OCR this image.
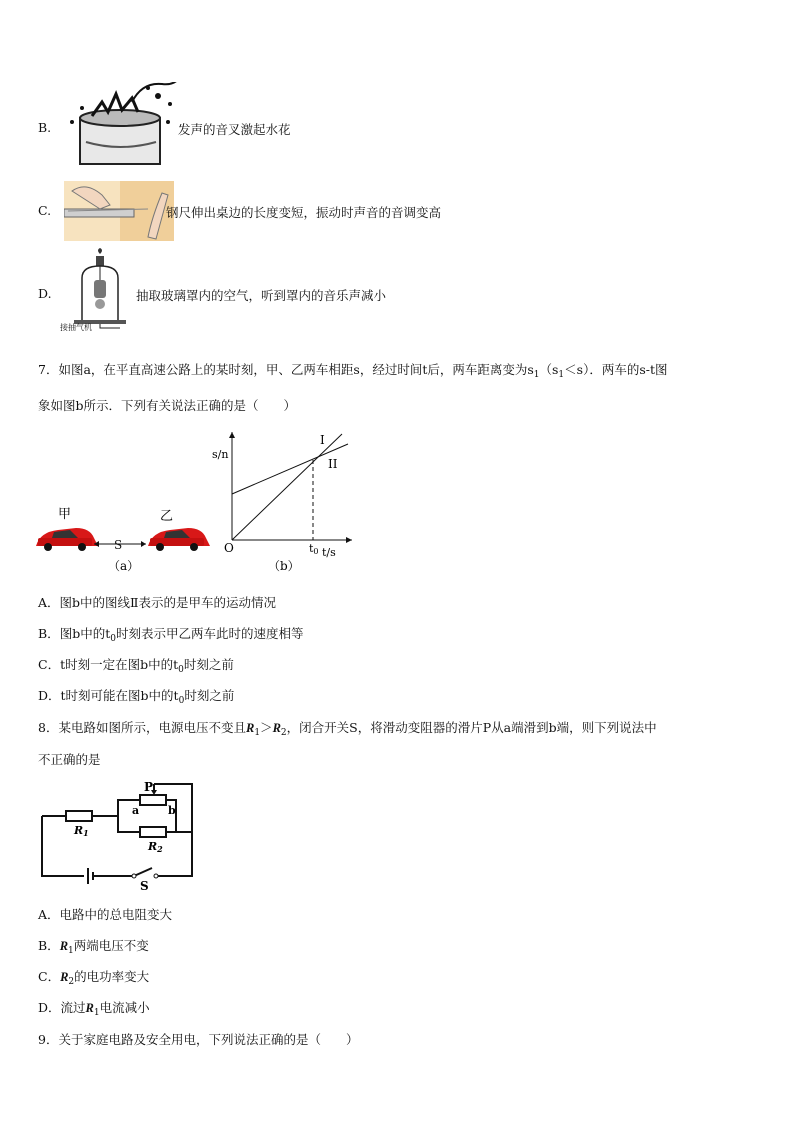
B.	发声的音叉激起水花
C.	钢尺伸出桌边的长度变短，振动时声音的音调变高
D.
接抽气机
抽取玻璃罩内的空气，听到罩内的音乐声减小
7．如图a，在平直高速公路上的某时刻，甲、乙两车相距s，经过时间t后，两车距离变为$s_1(s_1<s)$．两车的s-t图
象如图b所示．下列有关说法正确的是（　　）
甲	乙
S
（a）
s/n
I
II
O	t0 t/s
（b）
A．图b中的图线Ⅱ表示的是甲车的运动情况
B．图b中的$t_0$时刻表示甲乙两车此时的速度相等
C．t时刻一定在图b中的$t_0$时刻之前
D．t时刻可能在图b中的$t_0$时刻之前
8．某电路如图所示，电源电压不变且$R_1>R_2$，闭合开关S，将滑动变阻器的滑片P从a端滑到b端，则下列说法中
不正确的是
P
a	b
R1
R2
S
A．电路中的总电阻变大
B．$R_1$两端电压不变
C．$R_2$的电功率变大
D．流过$R_1$电流减小
9．关于家庭电路及安全用电，下列说法正确的是（　　）
